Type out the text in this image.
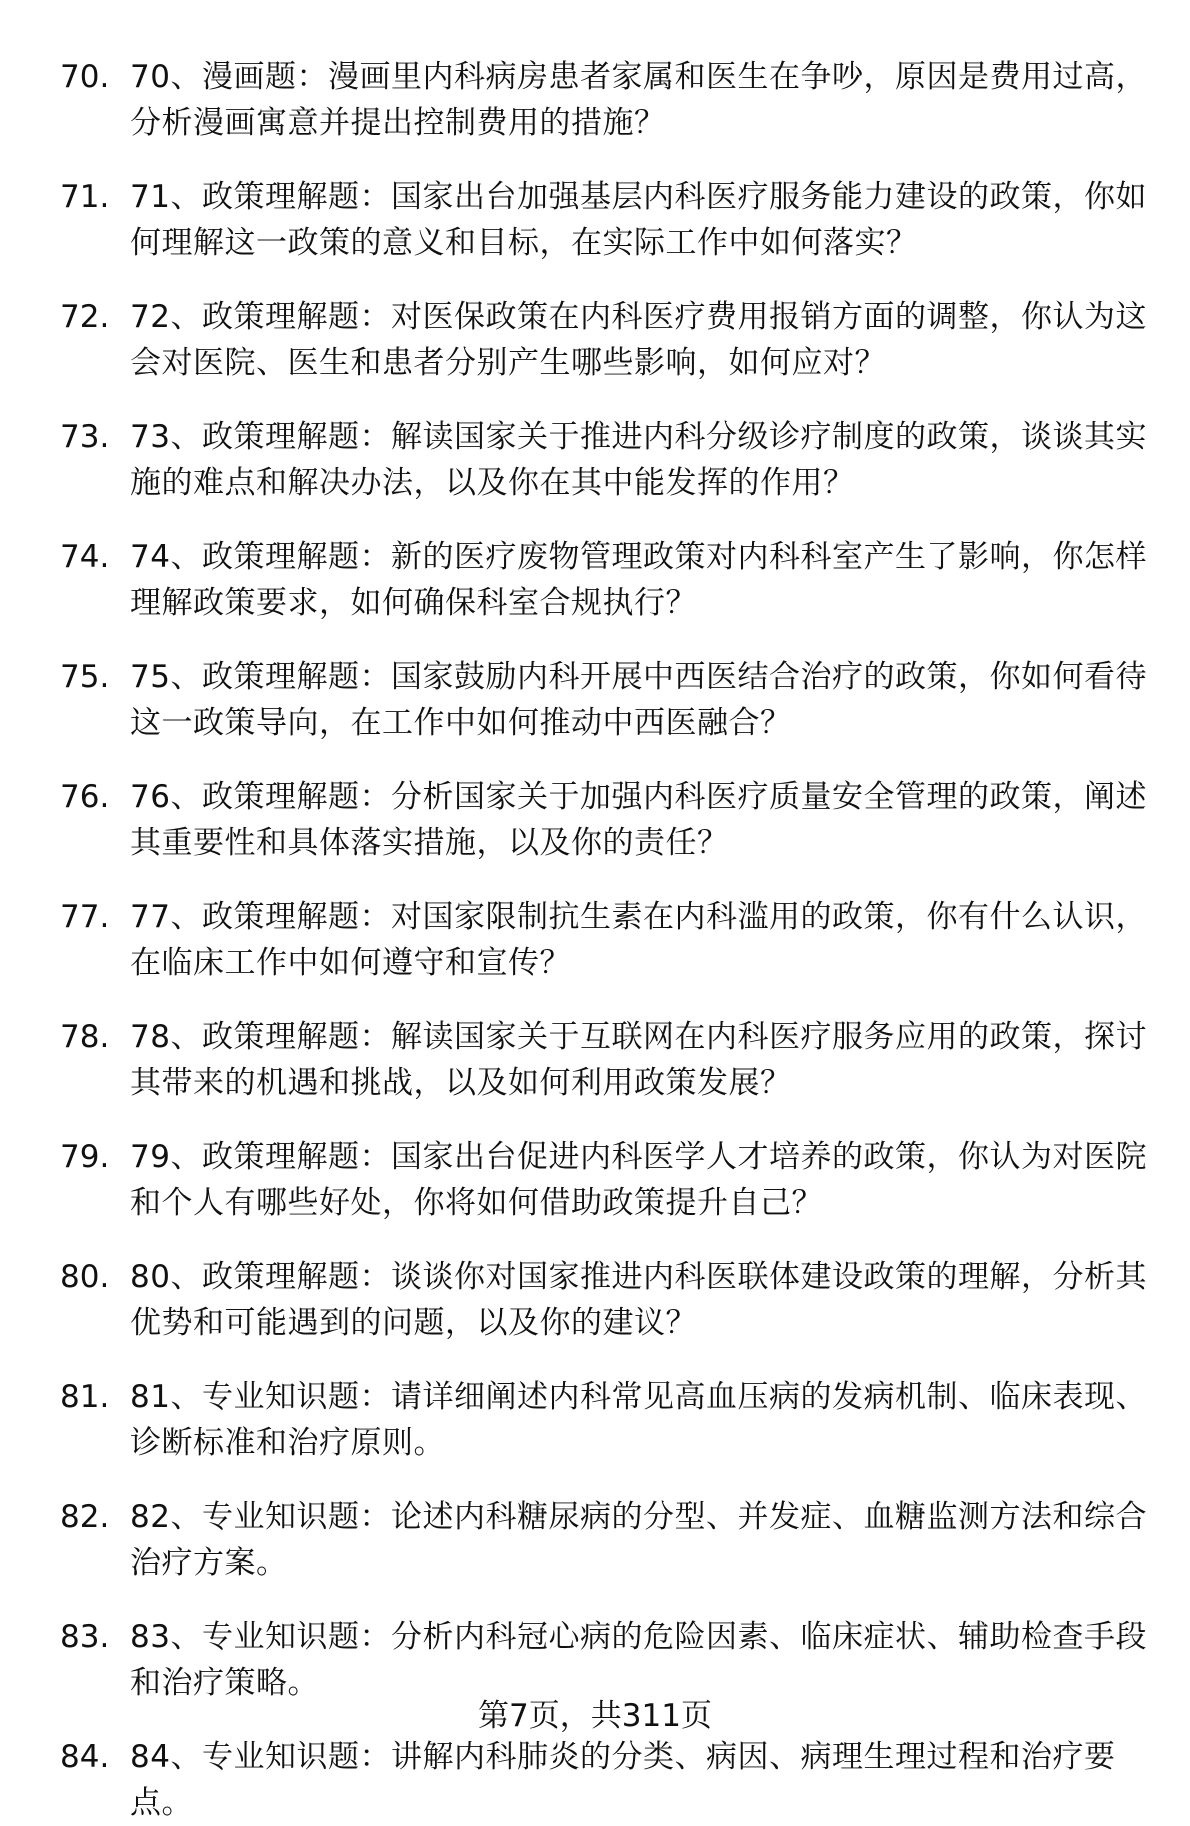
70. 70、漫画题：漫画里内科病房患者家属和医生在争吵，原因是费用过高，分析漫画寓意并提出控制费用的措施？
71. 71、政策理解题：国家出台加强基层内科医疗服务能力建设的政策，你如何理解这一政策的意义和目标，在实际工作中如何落实？
72. 72、政策理解题：对医保政策在内科医疗费用报销方面的调整，你认为这会对医院、医生和患者分别产生哪些影响，如何应对？
73. 73、政策理解题：解读国家关于推进内科分级诊疗制度的政策，谈谈其实施的难点和解决办法，以及你在其中能发挥的作用？
74. 74、政策理解题：新的医疗废物管理政策对内科科室产生了影响，你怎样理解政策要求，如何确保科室合规执行？
75. 75、政策理解题：国家鼓励内科开展中西医结合治疗的政策，你如何看待这一政策导向，在工作中如何推动中西医融合？
76. 76、政策理解题：分析国家关于加强内科医疗质量安全管理的政策，阐述其重要性和具体落实措施，以及你的责任？
77. 77、政策理解题：对国家限制抗生素在内科滥用的政策，你有什么认识，在临床工作中如何遵守和宣传？
78. 78、政策理解题：解读国家关于互联网在内科医疗服务应用的政策，探讨其带来的机遇和挑战，以及如何利用政策发展？
79. 79、政策理解题：国家出台促进内科医学人才培养的政策，你认为对医院和个人有哪些好处，你将如何借助政策提升自己？
80. 80、政策理解题：谈谈你对国家推进内科医联体建设政策的理解，分析其优势和可能遇到的问题，以及你的建议？
81. 81、专业知识题：请详细阐述内科常见高血压病的发病机制、临床表现、诊断标准和治疗原则。
82. 82、专业知识题：论述内科糖尿病的分型、并发症、血糖监测方法和综合治疗方案。
83. 83、专业知识题：分析内科冠心病的危险因素、临床症状、辅助检查手段和治疗策略。
84. 84、专业知识题：讲解内科肺炎的分类、病因、病理生理过程和治疗要点。
第7页，共311页
